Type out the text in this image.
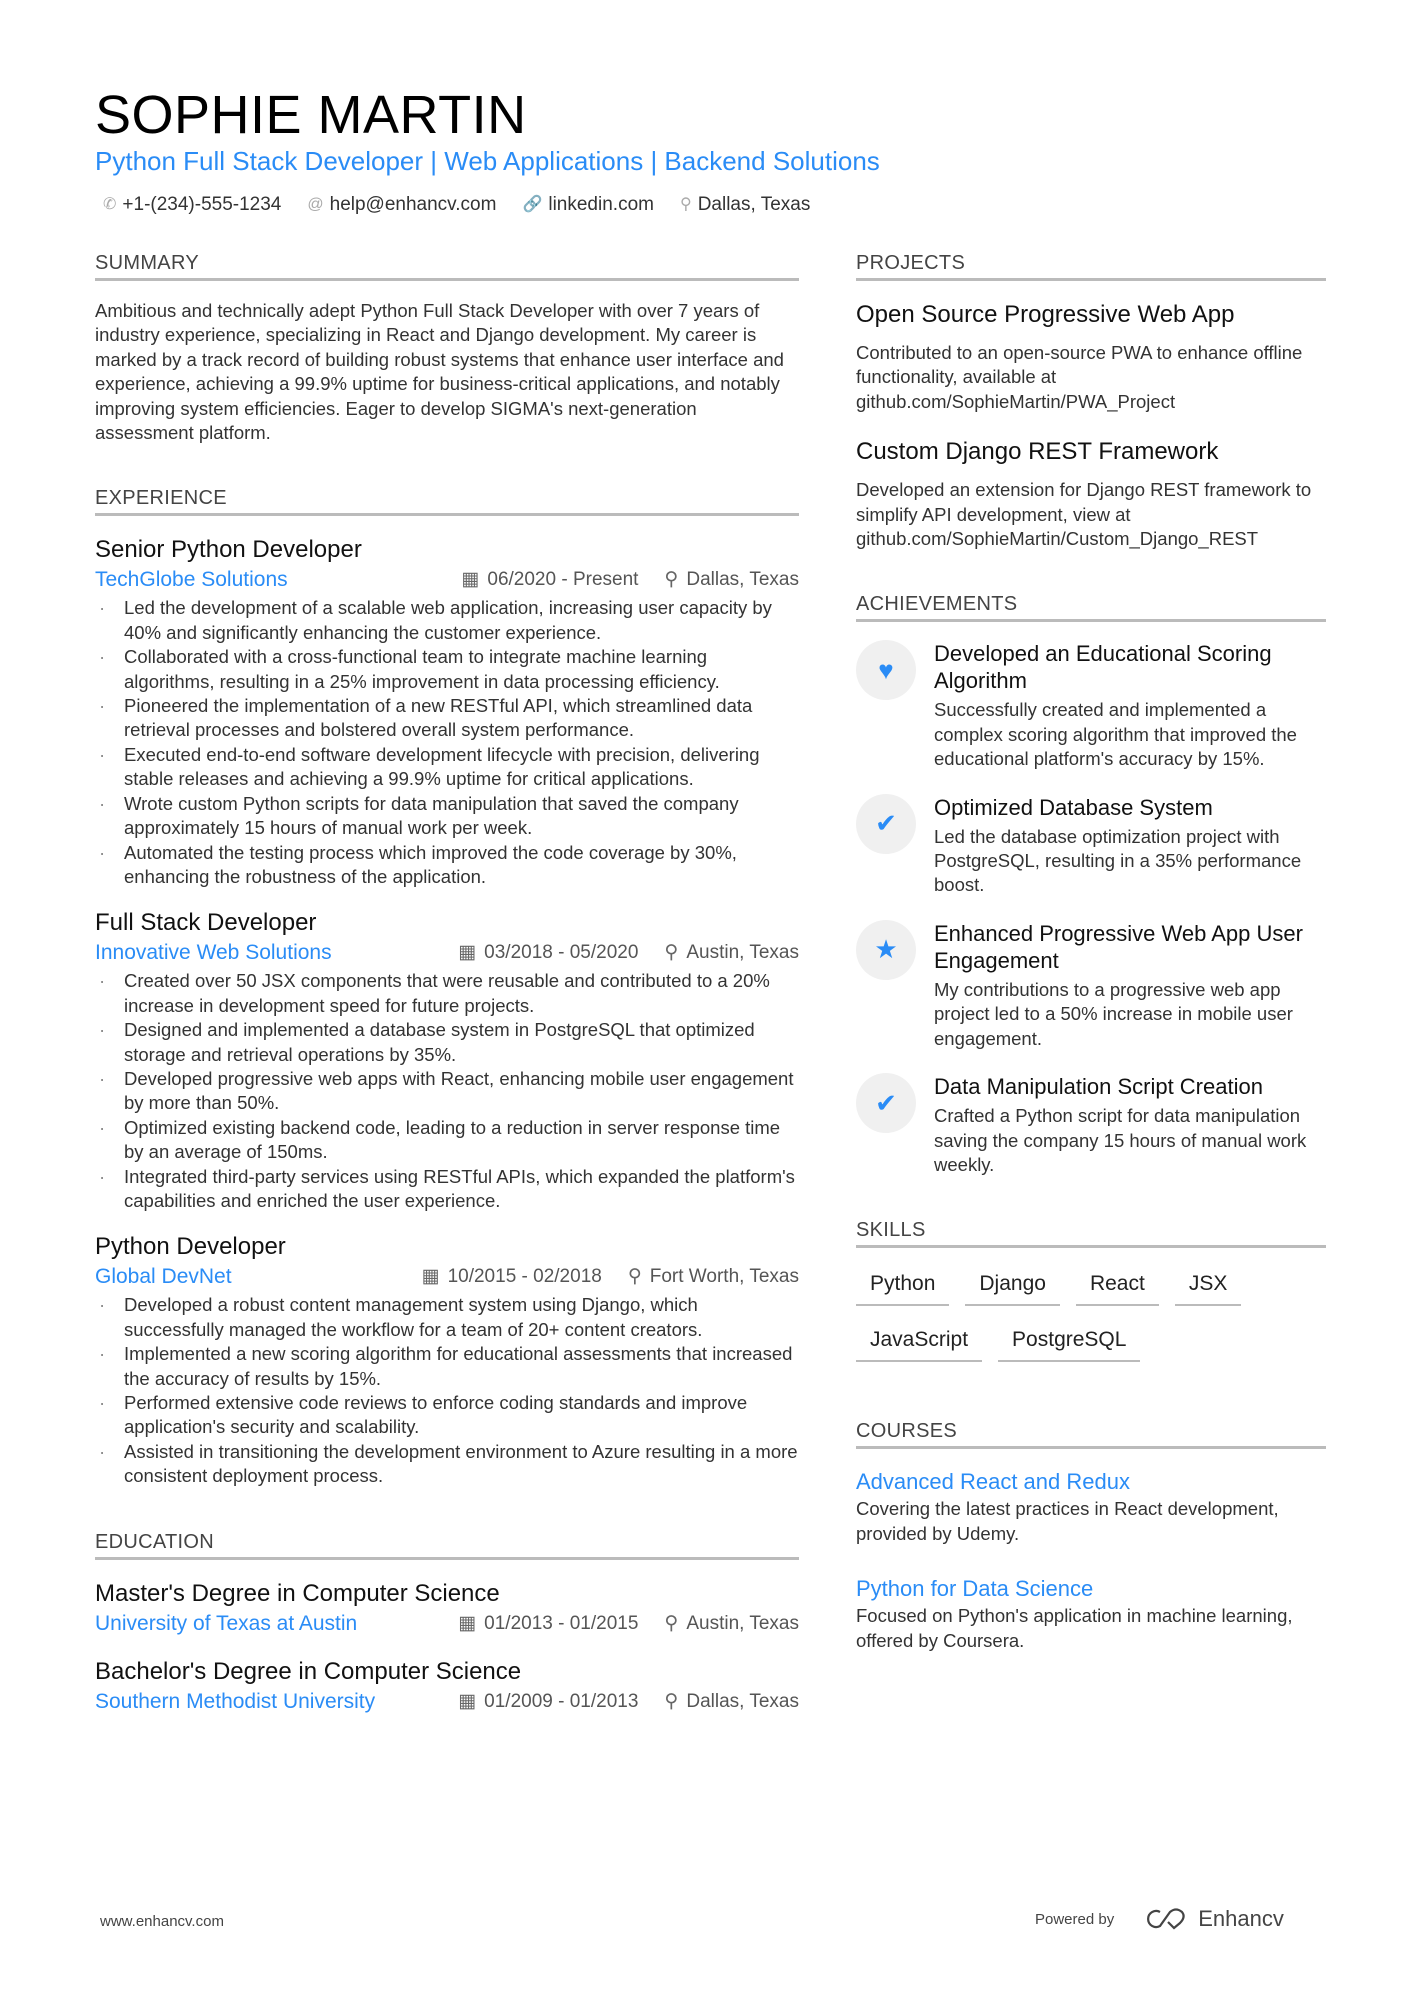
SOPHIE MARTIN
Python Full Stack Developer | Web Applications | Backend Solutions
✆ +1-(234)-555-1234 @ help@enhancv.com 🔗 linkedin.com ⚲ Dallas, Texas
SUMMARY
Ambitious and technically adept Python Full Stack Developer with over 7 years of industry experience, specializing in React and Django development. My career is marked by a track record of building robust systems that enhance user interface and experience, achieving a 99.9% uptime for business-critical applications, and notably improving system efficiencies. Eager to develop SIGMA's next-generation assessment platform.
EXPERIENCE
Senior Python Developer
TechGlobe Solutions	▦ 06/2020 - Present ⚲ Dallas, Texas
· Led the development of a scalable web application, increasing user capacity by 40% and significantly enhancing the customer experience.
· Collaborated with a cross-functional team to integrate machine learning algorithms, resulting in a 25% improvement in data processing efficiency.
· Pioneered the implementation of a new RESTful API, which streamlined data retrieval processes and bolstered overall system performance.
· Executed end-to-end software development lifecycle with precision, delivering stable releases and achieving a 99.9% uptime for critical applications.
· Wrote custom Python scripts for data manipulation that saved the company approximately 15 hours of manual work per week.
· Automated the testing process which improved the code coverage by 30%, enhancing the robustness of the application.
Full Stack Developer
Innovative Web Solutions	▦ 03/2018 - 05/2020 ⚲ Austin, Texas
· Created over 50 JSX components that were reusable and contributed to a 20% increase in development speed for future projects.
· Designed and implemented a database system in PostgreSQL that optimized storage and retrieval operations by 35%.
· Developed progressive web apps with React, enhancing mobile user engagement by more than 50%.
· Optimized existing backend code, leading to a reduction in server response time by an average of 150ms.
· Integrated third-party services using RESTful APIs, which expanded the platform's capabilities and enriched the user experience.
Python Developer
Global DevNet	▦ 10/2015 - 02/2018 ⚲ Fort Worth, Texas
· Developed a robust content management system using Django, which successfully managed the workflow for a team of 20+ content creators.
· Implemented a new scoring algorithm for educational assessments that increased the accuracy of results by 15%.
· Performed extensive code reviews to enforce coding standards and improve application's security and scalability.
· Assisted in transitioning the development environment to Azure resulting in a more consistent deployment process.
EDUCATION
Master's Degree in Computer Science
University of Texas at Austin	▦ 01/2013 - 01/2015 ⚲ Austin, Texas
Bachelor's Degree in Computer Science
Southern Methodist University	▦ 01/2009 - 01/2013 ⚲ Dallas, Texas
PROJECTS
Open Source Progressive Web App
Contributed to an open-source PWA to enhance offline functionality, available at github.com/SophieMartin/PWA_Project
Custom Django REST Framework
Developed an extension for Django REST framework to simplify API development, view at github.com/SophieMartin/Custom_Django_REST
ACHIEVEMENTS
♥
Developed an Educational Scoring Algorithm
Successfully created and implemented a complex scoring algorithm that improved the educational platform's accuracy by 15%.
✔
Optimized Database System
Led the database optimization project with PostgreSQL, resulting in a 35% performance boost.
★
Enhanced Progressive Web App User Engagement
My contributions to a progressive web app project led to a 50% increase in mobile user engagement.
✔
Data Manipulation Script Creation
Crafted a Python script for data manipulation saving the company 15 hours of manual work weekly.
SKILLS
Python	Django	React	JSX
JavaScript	PostgreSQL
COURSES
Advanced React and Redux
Covering the latest practices in React development, provided by Udemy.
Python for Data Science
Focused on Python's application in machine learning, offered by Coursera.
www.enhancv.com	Powered by	Enhancv
